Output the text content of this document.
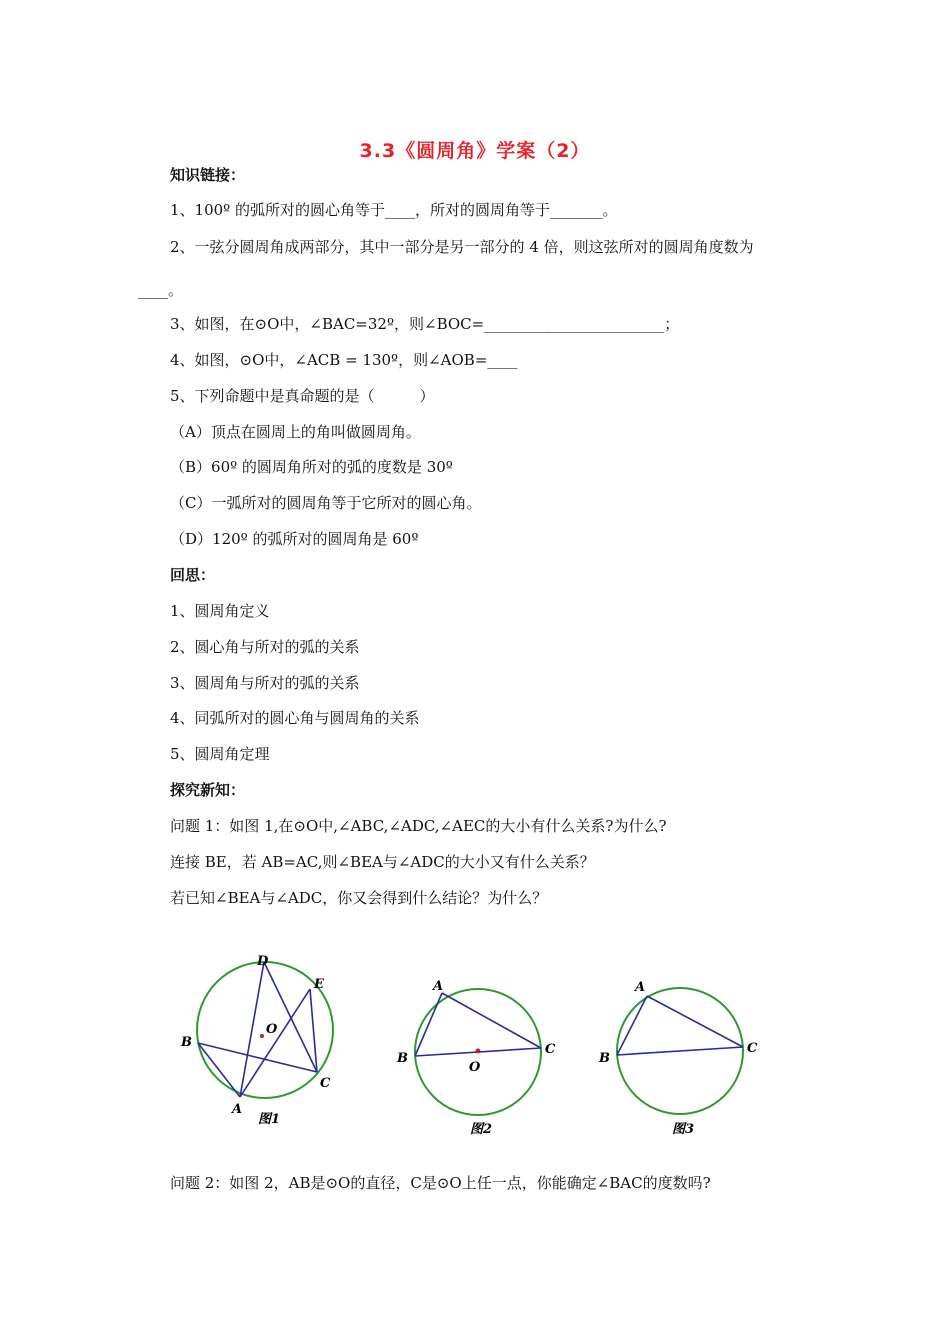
3.3《圆周角》学案（2）
知识链接：
1、100º 的弧所对的圆心角等于____，所对的圆周角等于_______。
2、一弦分圆周角成两部分，其中一部分是另一部分的 4 倍，则这弦所对的圆周角度数为
____。
3、如图，在⊙O中，∠BAC=32º，则∠BOC=________________________；
4、如图，⊙O中，∠ACB = 130º，则∠AOB=____
5、下列命题中是真命题的是（　　　）
（A）顶点在圆周上的角叫做圆周角。
（B）60º 的圆周角所对的弧的度数是 30º
（C）一弧所对的圆周角等于它所对的圆心角。
（D）120º 的弧所对的圆周角是 60º
回思：
1、圆周角定义
2、圆心角与所对的弧的关系
3、圆周角与所对的弧的关系
4、同弧所对的圆心角与圆周角的关系
5、圆周角定理
探究新知：
问题 1：如图 1,在⊙O中,∠ABC,∠ADC,∠AEC的大小有什么关系?为什么?
连接 BE，若 AB=AC,则∠BEA与∠ADC的大小又有什么关系？
若已知∠BEA与∠ADC，你又会得到什么结论？为什么？
D
E
O
B
C
A
图1
A
B
C
O
图2
A
B
C
图3
问题 2：如图 2，AB是⊙O的直径，C是⊙O上任一点，你能确定∠BAC的度数吗?
